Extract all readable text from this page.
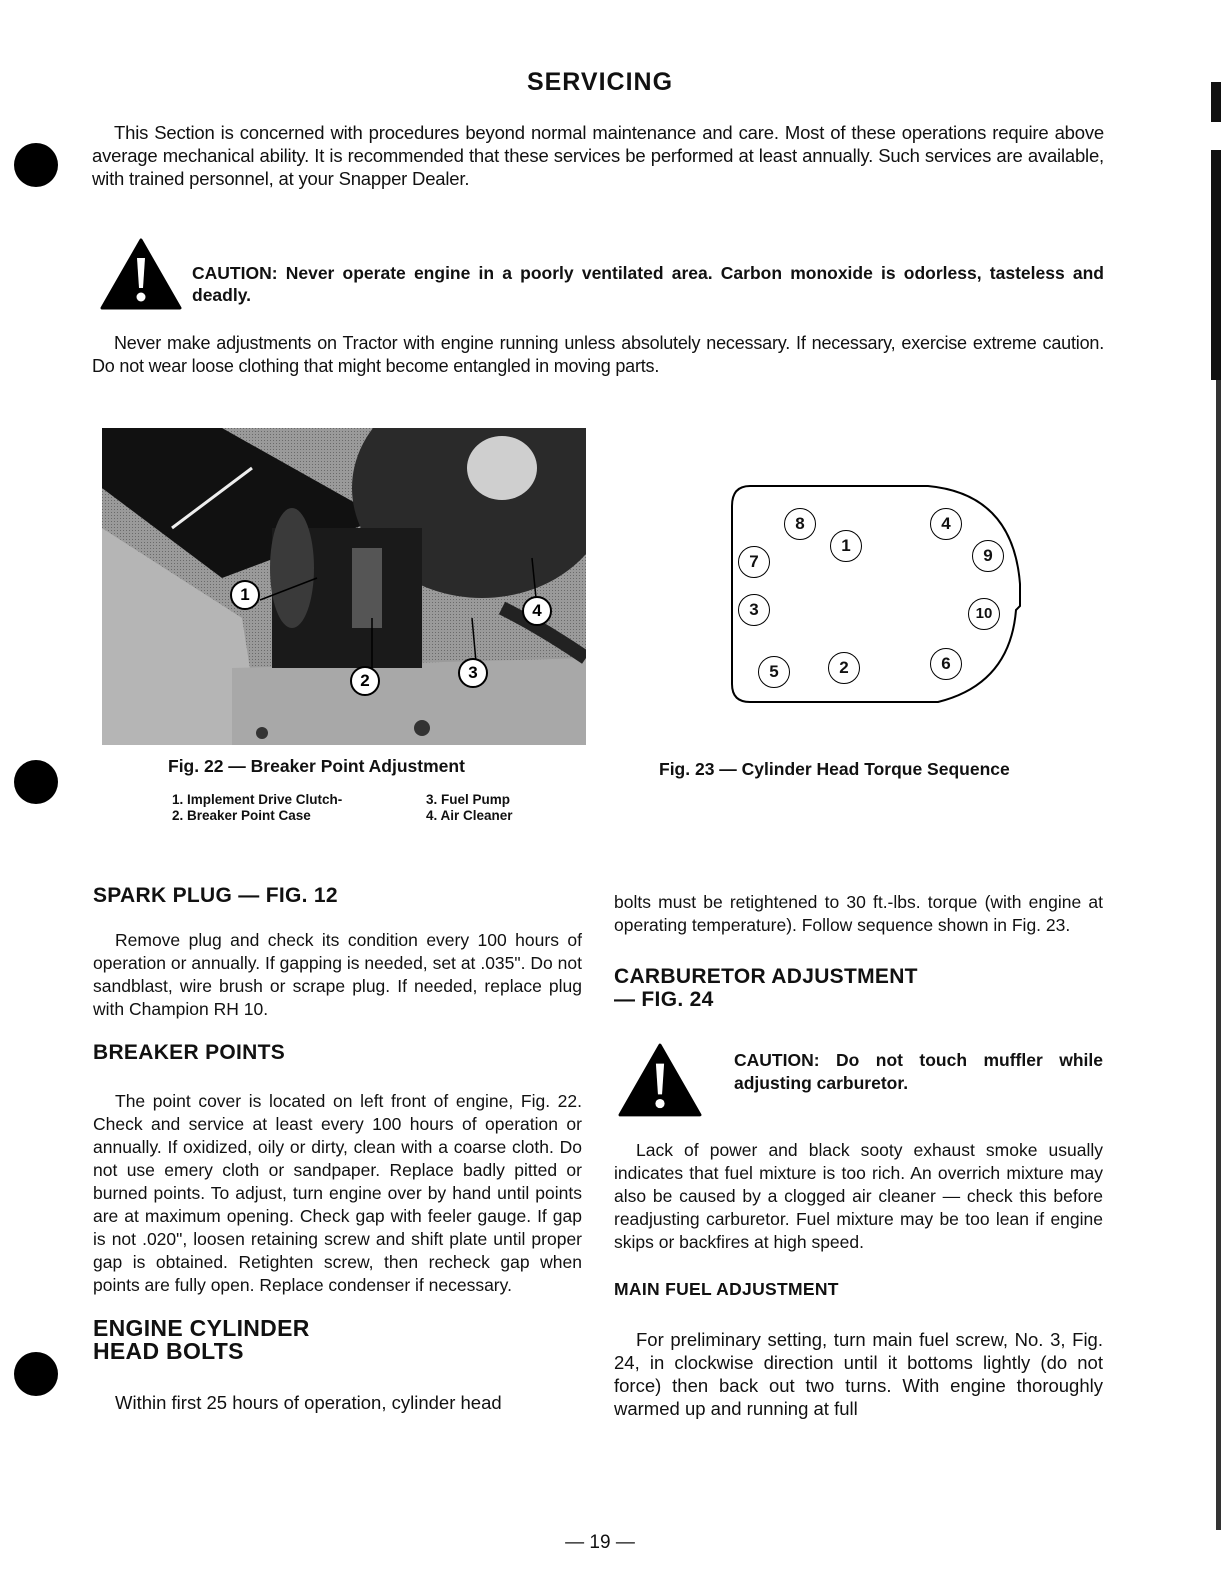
SERVICING
This Section is concerned with procedures beyond normal maintenance and care. Most of these operations require above average mechanical ability. It is recommended that these services be performed at least annually. Such services are available, with trained personnel, at your Snapper Dealer.
CAUTION: Never operate engine in a poorly ventilated area. Carbon monoxide is odorless, tasteless and deadly.
Never make adjustments on Tractor with engine running unless absolutely necessary. If necessary, exercise extreme caution. Do not wear loose clothing that might become entangled in moving parts.
1
2	3
4
Fig. 22 — Breaker Point Adjustment
1. Implement Drive Clutch-
2. Breaker Point Case
3. Fuel Pump
4. Air Cleaner
8
1
4
7	9
3	10
5	2	6
Fig. 23 — Cylinder Head Torque Sequence
SPARK PLUG — FIG. 12
Remove plug and check its condition every 100 hours of operation or annually. If gapping is needed, set at .035". Do not sandblast, wire brush or scrape plug. If needed, replace plug with Champion RH 10.
BREAKER POINTS
The point cover is located on left front of engine, Fig. 22. Check and service at least every 100 hours of operation or annually. If oxidized, oily or dirty, clean with a coarse cloth. Do not use emery cloth or sandpaper. Replace badly pitted or burned points. To adjust, turn engine over by hand until points are at maximum opening. Check gap with feeler gauge. If gap is not .020", loosen retaining screw and shift plate until proper gap is obtained. Retighten screw, then recheck gap when points are fully open. Replace condenser if necessary.
ENGINE CYLINDER
HEAD BOLTS
Within first 25 hours of operation, cylinder head
bolts must be retightened to 30 ft.-lbs. torque (with engine at operating temperature). Follow sequence shown in Fig. 23.
CARBURETOR ADJUSTMENT
— FIG. 24
CAUTION: Do not touch muffler while adjusting carburetor.
Lack of power and black sooty exhaust smoke usually indicates that fuel mixture is too rich. An overrich mixture may also be caused by a clogged air cleaner — check this before readjusting carburetor. Fuel mixture may be too lean if engine skips or backfires at high speed.
MAIN FUEL ADJUSTMENT
For preliminary setting, turn main fuel screw, No. 3, Fig. 24, in clockwise direction until it bottoms lightly (do not force) then back out two turns. With engine thoroughly warmed up and running at full
— 19 —
